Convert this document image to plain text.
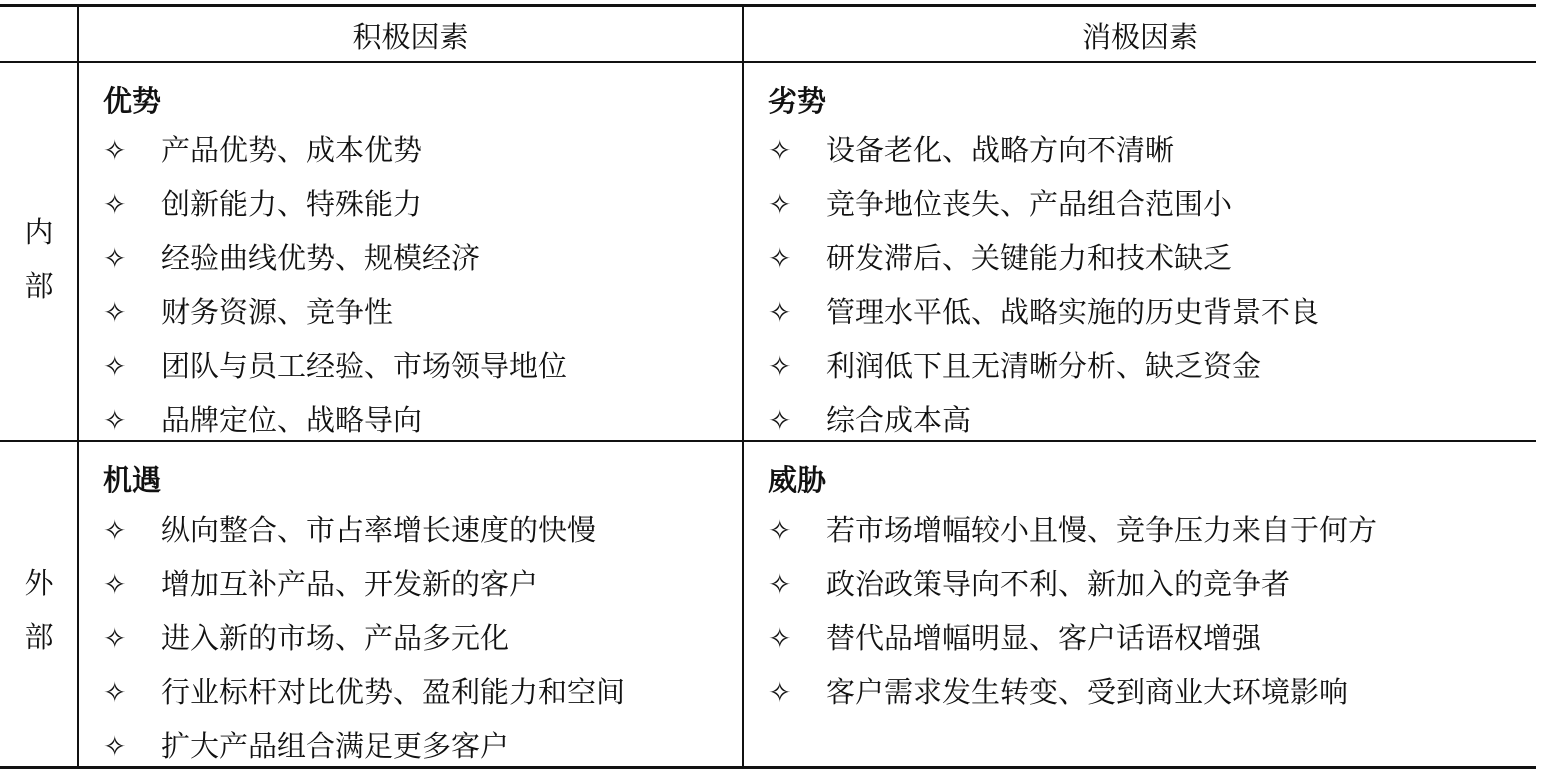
积极因素	消极因素
内
部
外
部
优势
✧ 产品优势、成本优势
✧ 创新能力、特殊能力
✧ 经验曲线优势、规模经济
✧ 财务资源、竞争性
✧ 团队与员工经验、市场领导地位
✧ 品牌定位、战略导向
劣势
✧ 设备老化、战略方向不清晰
✧ 竞争地位丧失、产品组合范围小
✧ 研发滞后、关键能力和技术缺乏
✧ 管理水平低、战略实施的历史背景不良
✧ 利润低下且无清晰分析、缺乏资金
✧ 综合成本高
机遇
✧ 纵向整合、市占率增长速度的快慢
✧ 增加互补产品、开发新的客户
✧ 进入新的市场、产品多元化
✧ 行业标杆对比优势、盈利能力和空间
✧ 扩大产品组合满足更多客户
威胁
✧ 若市场增幅较小且慢、竞争压力来自于何方
✧ 政治政策导向不利、新加入的竞争者
✧ 替代品增幅明显、客户话语权增强
✧ 客户需求发生转变、受到商业大环境影响
